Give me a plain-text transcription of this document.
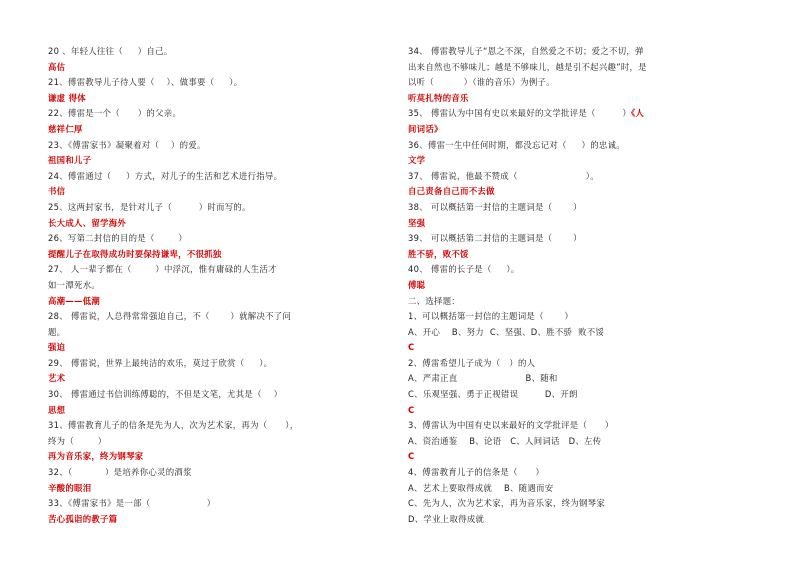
20 、年轻人往往（     ）自己。
高估
21、傅雷教导儿子待人要（    ）、做事要（     ）。
谦虚 得体
22、傅雷是一个（      ）的父亲。
慈祥仁厚
23、《傅雷家书》凝聚着对（    ）的爱。
祖国和儿子
24、傅雷通过（     ）方式，对儿子的生活和艺术进行指导。
书信
25、这两封家书，是针对儿子（         ）时而写的。
长大成人、留学海外
26、写第二封信的目的是（        ）
提醒儿子在取得成功时要保持谦卑，不很抓独
27、 人一辈子都在（        ）中浮沉，惟有庸碌的人生活才
如一潭死水。
高潮——低潮
28、 傅雷说，人总得常常强迫自己，不（       ）就解决不了问
题。
强迫
29、 傅雷说，世界上最纯洁的欢乐，莫过于欣赏（     ）。
艺术
30、 傅雷通过书信训练傅聪的，不但是文笔，尤其是（    ）
思想
31、傅雷教育儿子的信条是先为人，次为艺术家，再为（      ），
终为（        ）
再为音乐家，终为钢琴家
32、（           ）是培养你心灵的酒浆
辛酸的眼泪
33、《傅雷家书》是一部（                   ）
苦心孤诣的教子篇
34、 傅雷教导儿子“恩之不深，自然爱之不切；爱之不切，弹
出来自然也不够味儿；越是不够味儿，越是引不起兴趣”时，是
以听（          ）（谁的音乐）为例子。
听莫扎特的音乐
35、 傅雷认为中国有史以来最好的文学批评是（         ）《人
间词话》
36、傅雷一生中任何时期，都没忘记对（     ）的忠诚。
文学
37、 傅雷说，他最不赞成（                       ）。
自己责备自己而不去做
38、 可以概括第一封信的主题词是（       ）
坚强
39、 可以概括第二封信的主题词是（       ）
胜不骄，败不馁
40、 傅雷的长子是（     ）。
傅聪
二、选择题：
1、可以概括第一封信的主题词是（       ）
A、开心    B、努力  C、坚强、D、胜不骄  败不馁
C
2、傅雷希望儿子成为（   ）的人
A、严肃正直                       B、随和
C、乐观坚强、勇于正视错误         D、开朗
C
3、傅雷认为中国有史以来最好的文学批评是（      ）
A、资治通鉴    B、论语   C、人间词话   D、左传
C
4、傅雷教育儿子的信条是（      ）
A、艺术上要取得成就    B、随遇而安
C、先为人，次为艺术家，再为音乐家，终为钢琴家
D、学业上取得成就
